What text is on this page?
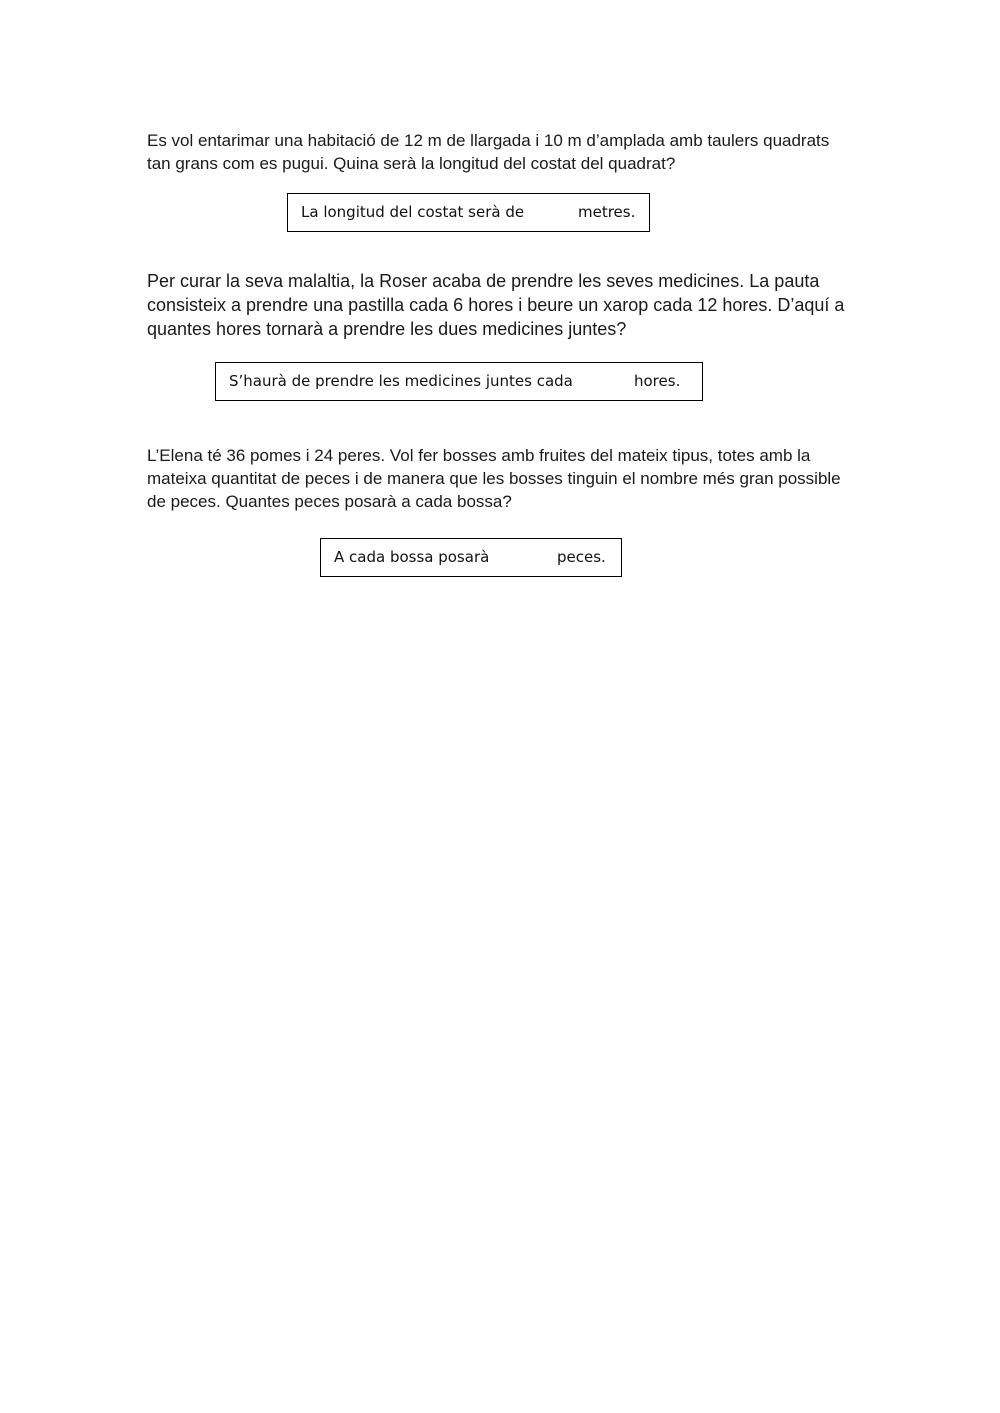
Es vol entarimar una habitació de 12 m de llargada i 10 m d’amplada amb taulers quadrats tan grans com es pugui. Quina serà la longitud del costat del quadrat?

La longitud del costat serà de	metres.

Per curar la seva malaltia, la Roser acaba de prendre les seves medicines. La pauta consisteix a prendre una pastilla cada 6 hores i beure un xarop cada 12 hores. D’aquí a quantes hores tornarà a prendre les dues medicines juntes?

S’haurà de prendre les medicines juntes cada	hores.

L’Elena té 36 pomes i 24 peres. Vol fer bosses amb fruites del mateix tipus, totes amb la mateixa quantitat de peces i de manera que les bosses tinguin el nombre més gran possible de peces. Quantes peces posarà a cada bossa?

A cada bossa posarà	peces.
